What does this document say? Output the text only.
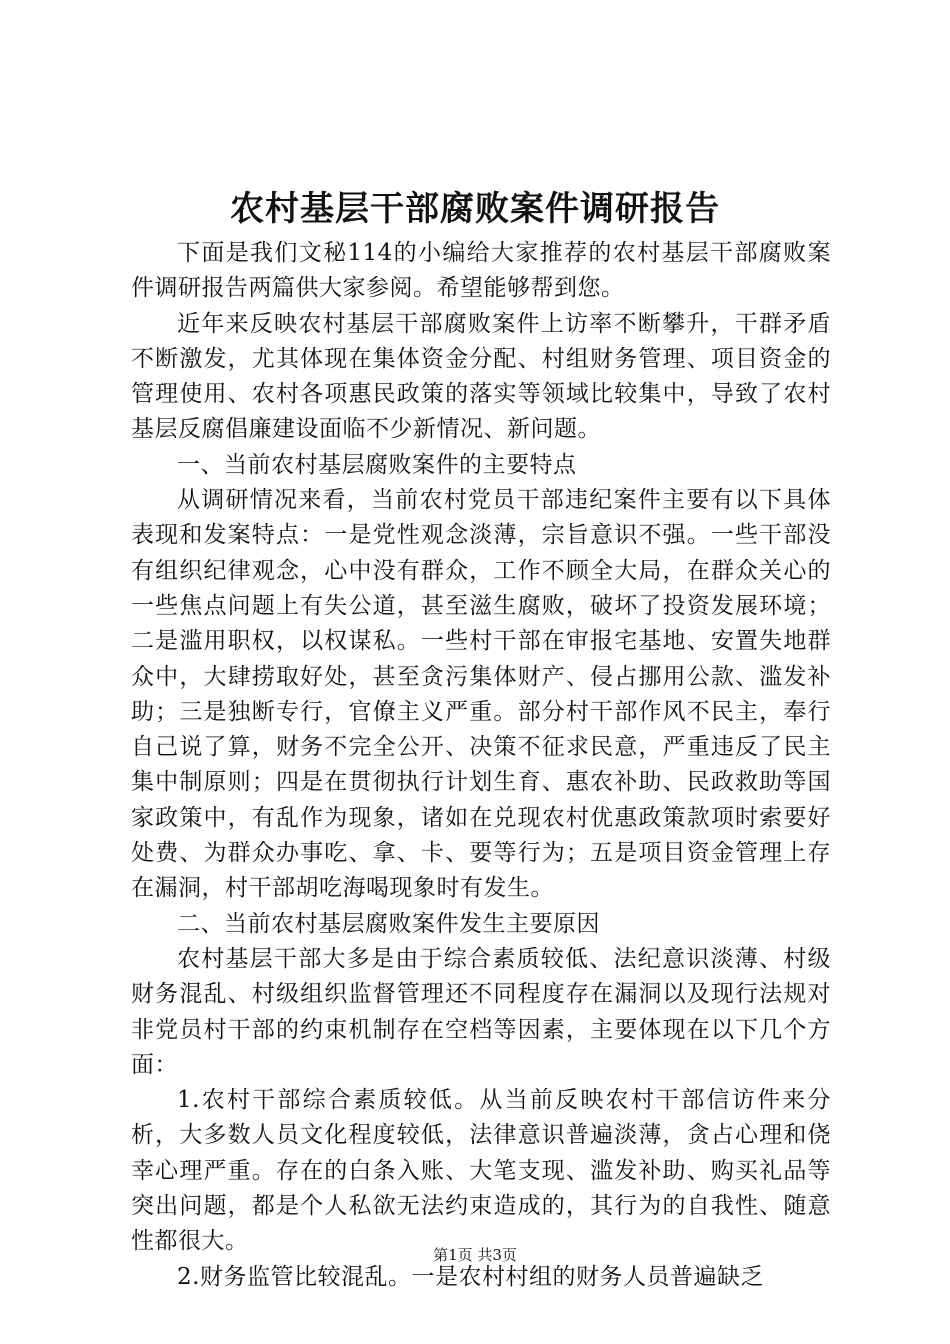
农村基层干部腐败案件调研报告

下面是我们文秘114的小编给大家推荐的农村基层干部腐败案件调研报告两篇供大家参阅。希望能够帮到您。

近年来反映农村基层干部腐败案件上访率不断攀升，干群矛盾不断激发，尤其体现在集体资金分配、村组财务管理、项目资金的管理使用、农村各项惠民政策的落实等领域比较集中，导致了农村基层反腐倡廉建设面临不少新情况、新问题。

一、当前农村基层腐败案件的主要特点

从调研情况来看，当前农村党员干部违纪案件主要有以下具体表现和发案特点：一是党性观念淡薄，宗旨意识不强。一些干部没有组织纪律观念，心中没有群众，工作不顾全大局，在群众关心的一些焦点问题上有失公道，甚至滋生腐败，破坏了投资发展环境；二是滥用职权，以权谋私。一些村干部在审报宅基地、安置失地群众中，大肆捞取好处，甚至贪污集体财产、侵占挪用公款、滥发补助；三是独断专行，官僚主义严重。部分村干部作风不民主，奉行自己说了算，财务不完全公开、决策不征求民意，严重违反了民主集中制原则；四是在贯彻执行计划生育、惠农补助、民政救助等国家政策中，有乱作为现象，诸如在兑现农村优惠政策款项时索要好处费、为群众办事吃、拿、卡、要等行为；五是项目资金管理上存在漏洞，村干部胡吃海喝现象时有发生。

二、当前农村基层腐败案件发生主要原因

农村基层干部大多是由于综合素质较低、法纪意识淡薄、村级财务混乱、村级组织监督管理还不同程度存在漏洞以及现行法规对非党员村干部的约束机制存在空档等因素，主要体现在以下几个方面：

1.农村干部综合素质较低。从当前反映农村干部信访件来分析，大多数人员文化程度较低，法律意识普遍淡薄，贪占心理和侥幸心理严重。存在的白条入账、大笔支现、滥发补助、购买礼品等突出问题，都是个人私欲无法约束造成的，其行为的自我性、随意性都很大。

2.财务监管比较混乱。一是农村村组的财务人员普遍缺乏

第1页 共3页
